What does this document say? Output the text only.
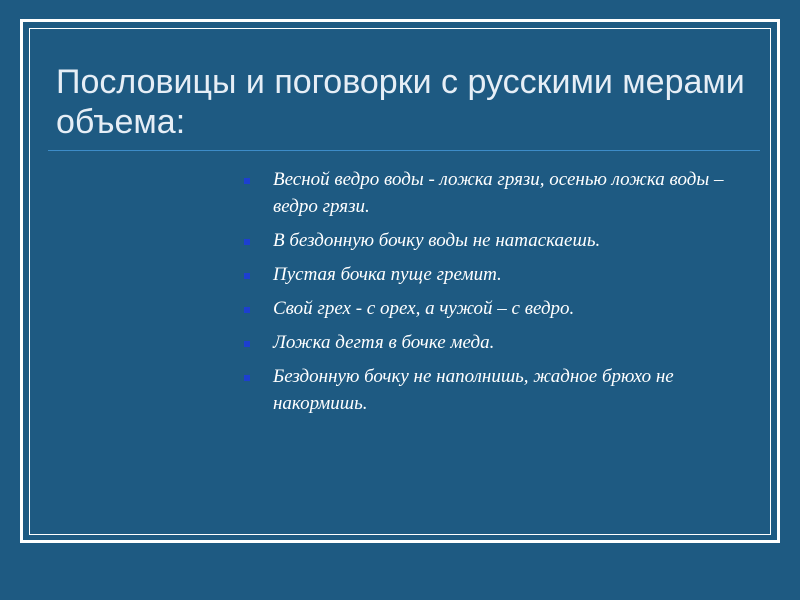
Пословицы и поговорки с русскими мерами объема:
Весной ведро воды - ложка грязи, осенью ложка воды – ведро грязи.
В бездонную бочку воды не натаскаешь.
Пустая бочка пуще гремит.
Свой грех - с орех, а чужой – с ведро.
Ложка дегтя в бочке меда.
Бездонную бочку не наполнишь, жадное брюхо не накормишь.
